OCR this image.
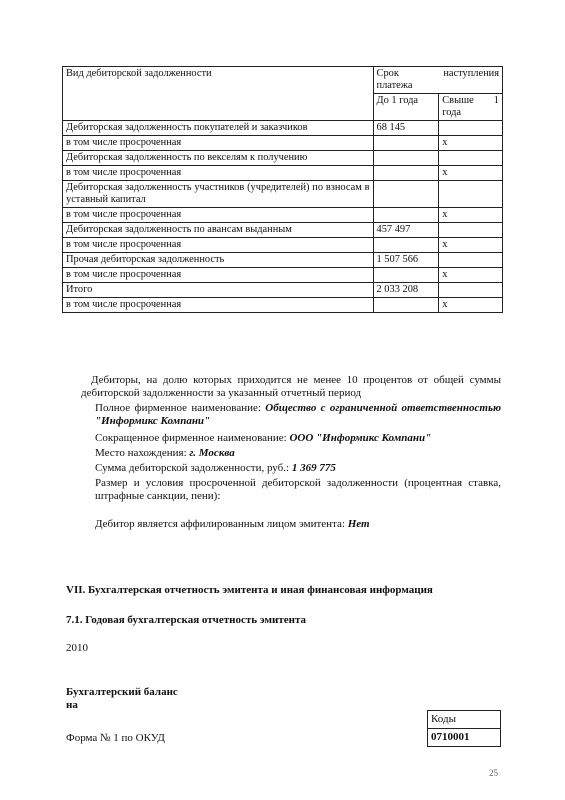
Вид дебиторской задолженности	Срок наступления
платежа	

	До 1 года	Свыше 1
года

Дебиторская задолженность покупателей и заказчиков	68 145	
в том числе просроченная		х
Дебиторская задолженность по векселям к получению		
в том числе просроченная		х
Дебиторская задолженность участников (учредителей) по взносам в уставный капитал		
в том числе просроченная		х
Дебиторская задолженность по авансам выданным	457 497	
в том числе просроченная		х
Прочая дебиторская задолженность	1 507 566	
в том числе просроченная		х
Итого	2 033 208	
в том числе просроченная		х
Дебиторы, на долю которых приходится не менее 10 процентов от общей суммы дебиторской задолженности за указанный отчетный период
Полное фирменное наименование: Общество с ограниченной ответственностью "Информикс Компани"
Сокращенное фирменное наименование: ООО "Информикс Компани"
Место нахождения: г. Москва
Сумма дебиторской задолженности, руб.: 1 369 775
Размер и условия просроченной дебиторской задолженности (процентная ставка, штрафные санкции, пени):
Дебитор является аффилированным лицом эмитента: Нет
VII. Бухгалтерская отчетность эмитента и иная финансовая информация
7.1. Годовая бухгалтерская отчетность эмитента
2010
Бухгалтерский баланс
на
Форма № 1 по ОКУД
Коды
0710001
25
